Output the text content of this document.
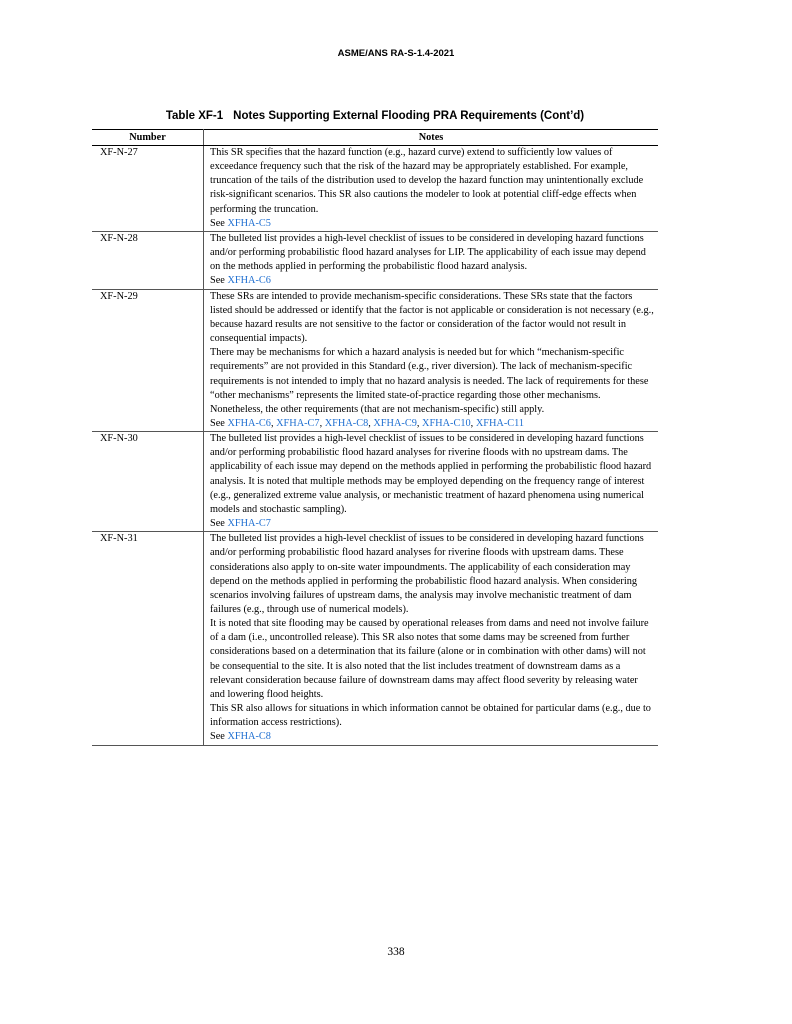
ASME/ANS RA-S-1.4-2021
Table XF-1 Notes Supporting External Flooding PRA Requirements (Cont’d)
Number	Notes
XF-N-27	This SR specifies that the hazard function (e.g., hazard curve) extend to sufficiently low values of exceedance frequency such that the risk of the hazard may be appropriately established. For example, truncation of the tails of the distribution used to develop the hazard function may unintentionally exclude risk-significant scenarios. This SR also cautions the modeler to look at potential cliff-edge effects when performing the truncation.
See XFHA-C5

XF-N-28	The bulleted list provides a high-level checklist of issues to be considered in developing hazard functions and/or performing probabilistic flood hazard analyses for LIP. The applicability of each issue may depend on the methods applied in performing the probabilistic flood hazard analysis.
See XFHA-C6

XF-N-29	These SRs are intended to provide mechanism-specific considerations. These SRs state that the factors listed should be addressed or identify that the factor is not applicable or consideration is not necessary (e.g., because hazard results are not sensitive to the factor or consideration of the factor would not result in consequential impacts).
There may be mechanisms for which a hazard analysis is needed but for which “mechanism-specific requirements” are not provided in this Standard (e.g., river diversion). The lack of mechanism-specific requirements is not intended to imply that no hazard analysis is needed. The lack of requirements for these “other mechanisms” represents the limited state-of-practice regarding those other mechanisms. Nonetheless, the other requirements (that are not mechanism-specific) still apply.
See XFHA-C6, XFHA-C7, XFHA-C8, XFHA-C9, XFHA-C10, XFHA-C11

XF-N-30	The bulleted list provides a high-level checklist of issues to be considered in developing hazard functions and/or performing probabilistic flood hazard analyses for riverine floods with no upstream dams. The applicability of each issue may depend on the methods applied in performing the probabilistic flood hazard analysis. It is noted that multiple methods may be employed depending on the frequency range of interest (e.g., generalized extreme value analysis, or mechanistic treatment of hazard phenomena using numerical models and stochastic sampling).
See XFHA-C7

XF-N-31	The bulleted list provides a high-level checklist of issues to be considered in developing hazard functions and/or performing probabilistic flood hazard analyses for riverine floods with upstream dams. These considerations also apply to on-site water impoundments. The applicability of each consideration may depend on the methods applied in performing the probabilistic flood hazard analysis. When considering scenarios involving failures of upstream dams, the analysis may involve mechanistic treatment of dam failures (e.g., through use of numerical models).
It is noted that site flooding may be caused by operational releases from dams and need not involve failure of a dam (i.e., uncontrolled release). This SR also notes that some dams may be screened from further considerations based on a determination that its failure (alone or in combination with other dams) will not be consequential to the site. It is also noted that the list includes treatment of downstream dams as a relevant consideration because failure of downstream dams may affect flood severity by releasing water and lowering flood heights.
This SR also allows for situations in which information cannot be obtained for particular dams (e.g., due to information access restrictions).
See XFHA-C8
338
